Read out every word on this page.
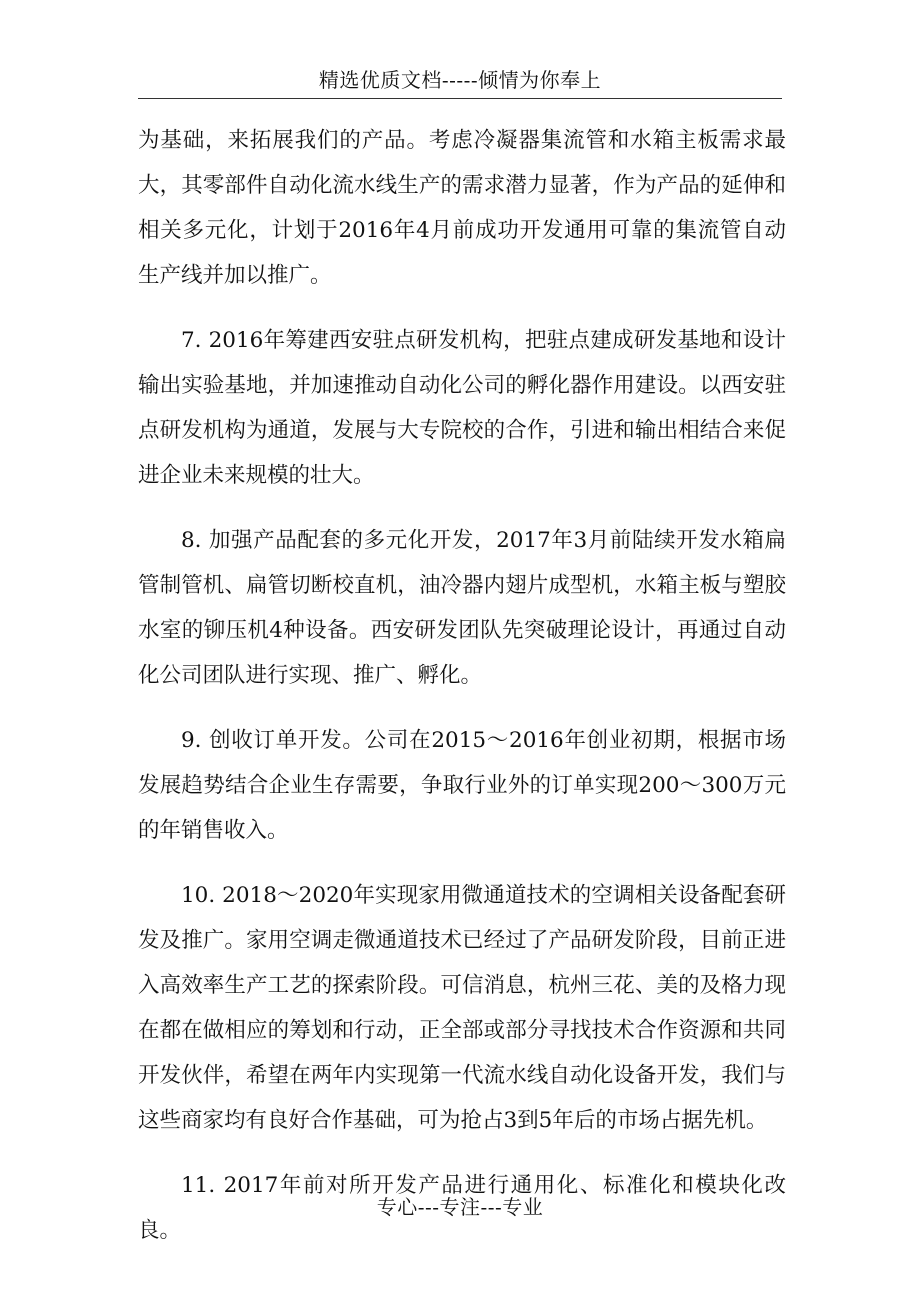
精选优质文档-----倾情为你奉上

为基础，来拓展我们的产品。考虑冷凝器集流管和水箱主板需求最大，其零部件自动化流水线生产的需求潜力显著，作为产品的延伸和相关多元化，计划于2016年4月前成功开发通用可靠的集流管自动生产线并加以推广。

7. 2016年筹建西安驻点研发机构，把驻点建成研发基地和设计输出实验基地，并加速推动自动化公司的孵化器作用建设。以西安驻点研发机构为通道，发展与大专院校的合作，引进和输出相结合来促进企业未来规模的壮大。

8. 加强产品配套的多元化开发，2017年3月前陆续开发水箱扁管制管机、扁管切断校直机，油冷器内翅片成型机，水箱主板与塑胶水室的铆压机4种设备。西安研发团队先突破理论设计，再通过自动化公司团队进行实现、推广、孵化。

9. 创收订单开发。公司在2015～2016年创业初期，根据市场发展趋势结合企业生存需要，争取行业外的订单实现200～300万元的年销售收入。

10. 2018～2020年实现家用微通道技术的空调相关设备配套研发及推广。家用空调走微通道技术已经过了产品研发阶段，目前正进入高效率生产工艺的探索阶段。可信消息，杭州三花、美的及格力现在都在做相应的筹划和行动，正全部或部分寻找技术合作资源和共同开发伙伴，希望在两年内实现第一代流水线自动化设备开发，我们与这些商家均有良好合作基础，可为抢占3到5年后的市场占据先机。

11. 2017年前对所开发产品进行通用化、标准化和模块化改良。

专心---专注---专业
